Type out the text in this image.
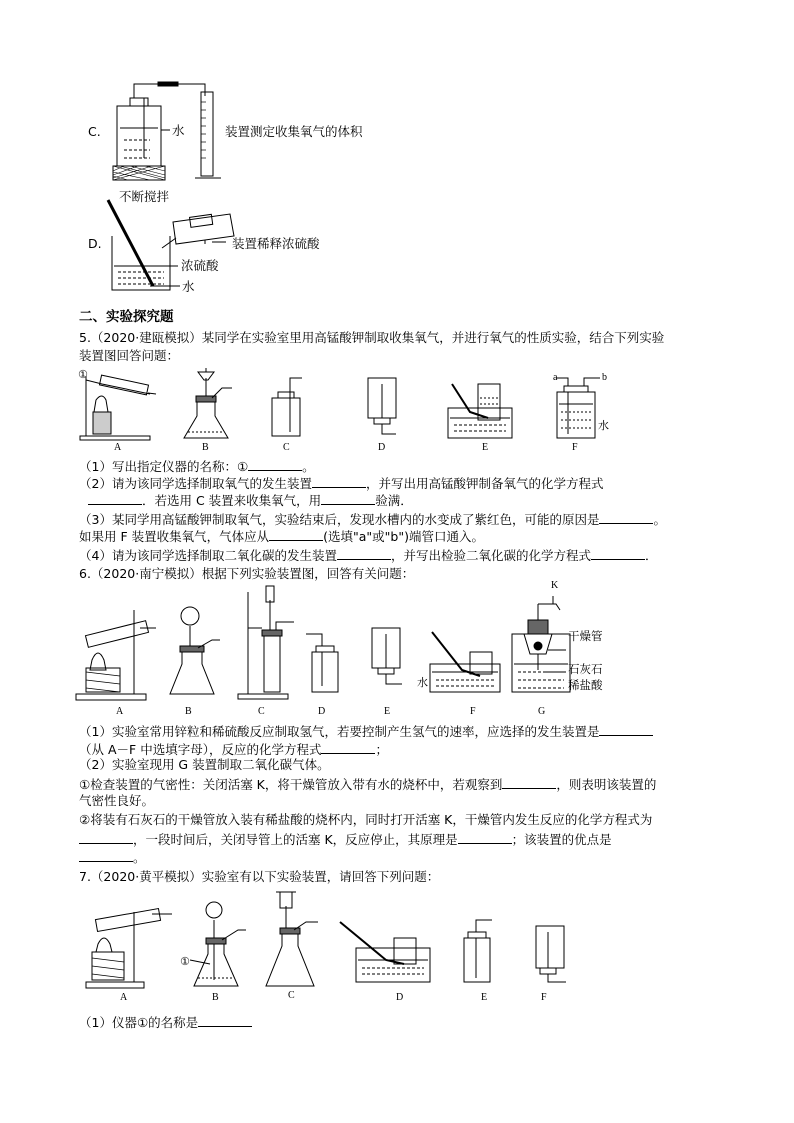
C.	水	装置测定收集氧气的体积
不断搅拌
D.	装置稀释浓硫酸
浓硫酸
水
二、实验探究题
5.（2020·建瓯模拟）某同学在实验室里用高锰酸钾制取收集氧气，并进行氧气的性质实验，结合下列实验
装置图回答问题：
①	a	b
水
A	B	C	D	E	F
（1）写出指定仪器的名称：①	。
（2）请为该同学选择制取氧气的发生装置	，并写出用高锰酸钾制备氧气的化学方程式
．若选用 C 装置来收集氧气，用	验满．
（3）某同学用高锰酸钾制取氧气，实验结束后，发现水槽内的水变成了紫红色，可能的原因是	。
如果用 F 装置收集氧气，气体应从	(选填"a"或"b")端管口通入。
（4）请为该同学选择制取二氧化碳的发生装置	，并写出检验二氧化碳的化学方程式	．
6.（2020·南宁模拟）根据下列实验装置图，回答有关问题：
K
干燥管
石灰石
稀盐酸
水
A	B	C	D	E	F	G
（1）实验室常用锌粒和稀硫酸反应制取氢气，若要控制产生氢气的速率，应选择的发生装置是
（从 A－F 中选填字母），反应的化学方程式	；
（2）实验室现用 G 装置制取二氧化碳气体。
①检查装置的气密性：关闭活塞 K，将干燥管放入带有水的烧杯中，若观察到	，则表明该装置的
气密性良好。
②将装有石灰石的干燥管放入装有稀盐酸的烧杯内，同时打开活塞 K，干燥管内发生反应的化学方程式为
，一段时间后，关闭导管上的活塞 K，反应停止，其原理是	；该装置的优点是
。
7.（2020·黄平模拟）实验室有以下实验装置，请回答下列问题：
①
A	B	C	D	E	F
（1）仪器①的名称是
